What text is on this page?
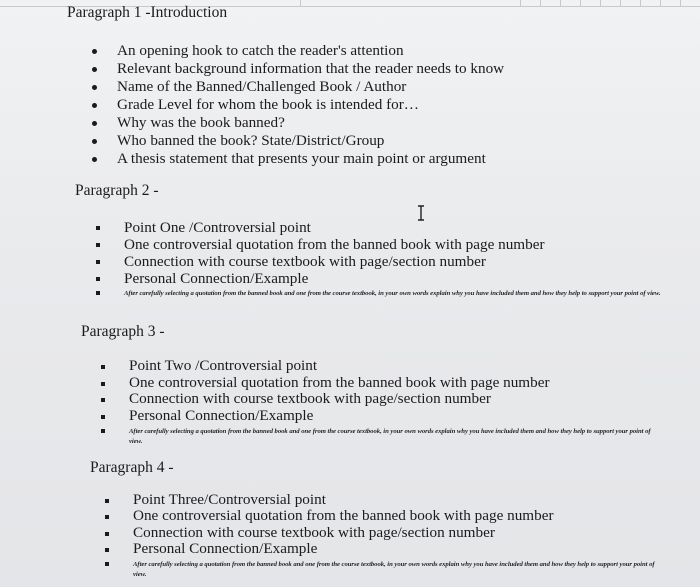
Paragraph 1 -Introduction
An opening hook to catch the reader's attention
Relevant background information that the reader needs to know
Name of the Banned/Challenged Book / Author
Grade Level for whom the book is intended for…
Why was the book banned?
Who banned the book? State/District/Group
A thesis statement that presents your main point or argument
Paragraph 2 -
Point One /Controversial point
One controversial quotation from the banned book with page number
Connection with course textbook with page/section number
Personal Connection/Example
After carefully selecting a quotation from the banned book and one from the course textbook, in your own words explain why you have included them and how they help to support your point of view.
Paragraph 3 -
Point Two /Controversial point
One controversial quotation from the banned book with page number
Connection with course textbook with page/section number
Personal Connection/Example
After carefully selecting a quotation from the banned book and one from the course textbook, in your own words explain why you have included them and how they help to support your point of view.
Paragraph 4 -
Point Three/Controversial point
One controversial quotation from the banned book with page number
Connection with course textbook with page/section number
Personal Connection/Example
After carefully selecting a quotation from the banned book and one from the course textbook, in your own words explain why you have included them and how they help to support your point of view.
